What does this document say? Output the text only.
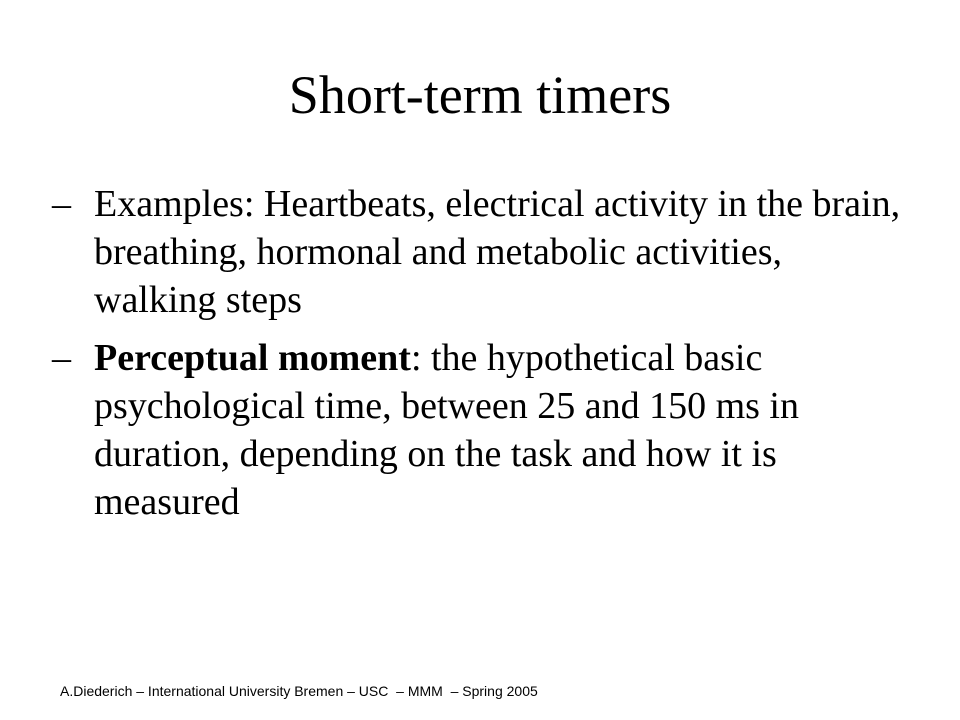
Short-term timers
– Examples: Heartbeats, electrical activity in the brain, breathing, hormonal and metabolic activities, walking steps
– Perceptual moment: the hypothetical basic psychological time, between 25 and 150 ms in duration, depending on the task and how it is measured
A.Diederich – International University Bremen – USC  – MMM  – Spring 2005
